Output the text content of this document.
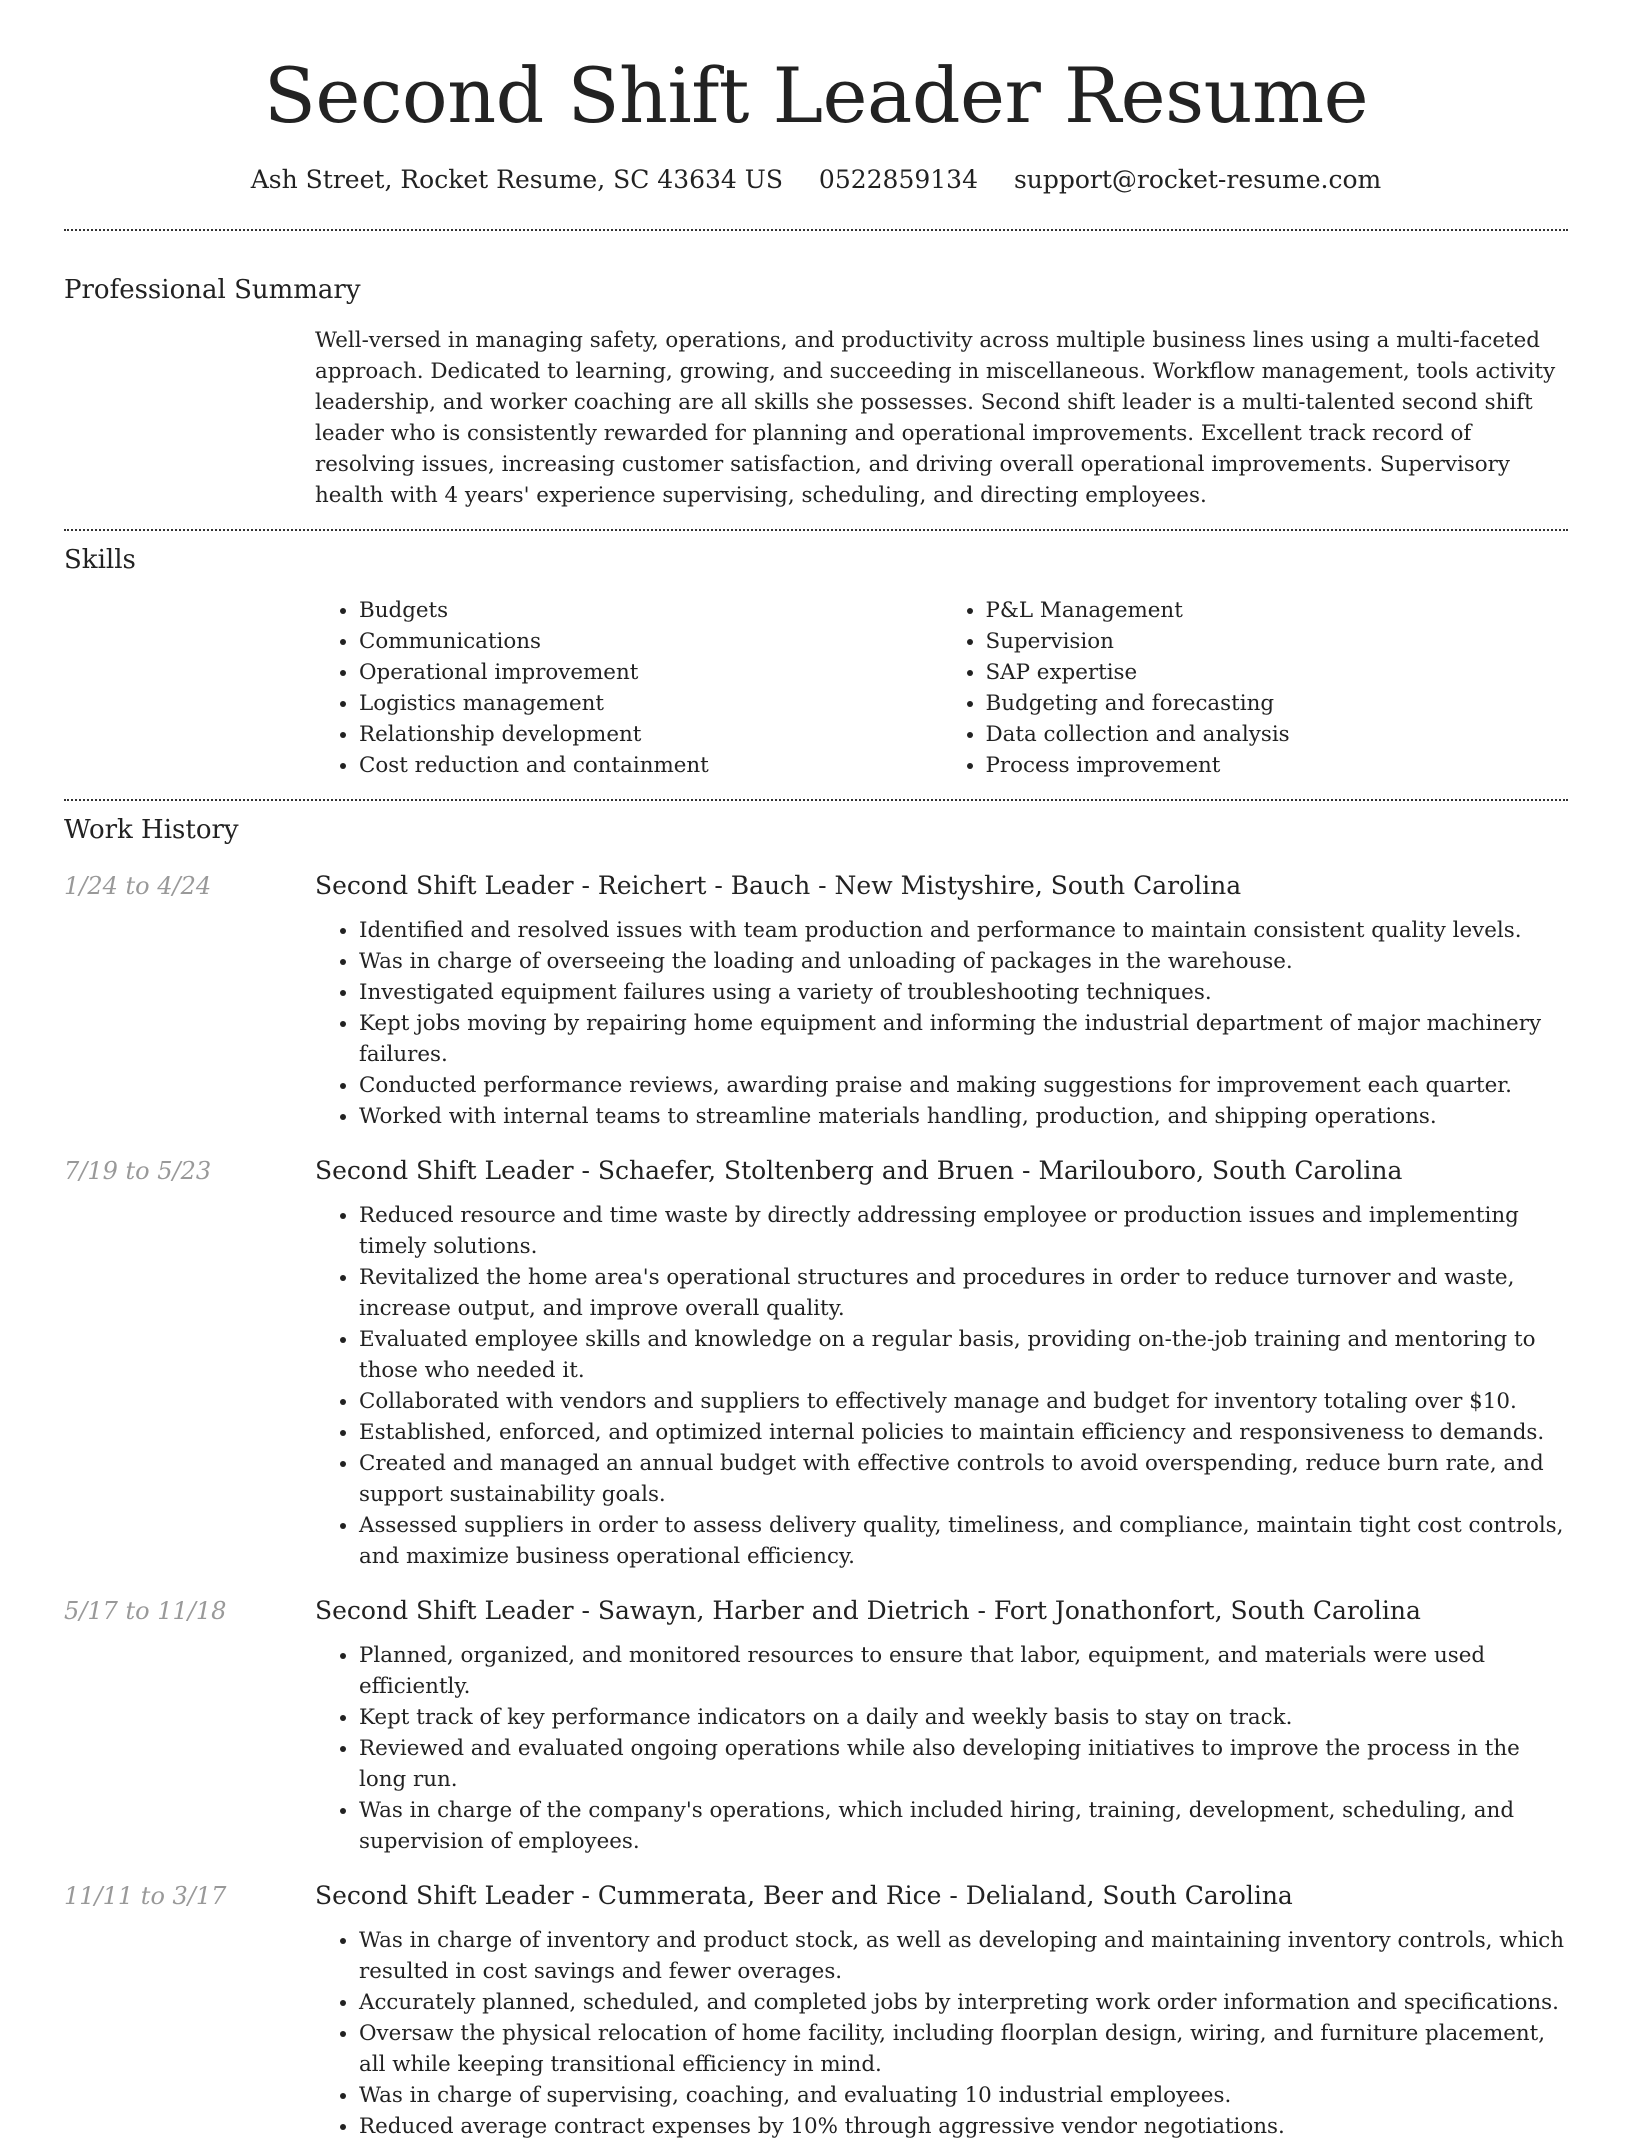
Second Shift Leader Resume
Ash Street, Rocket Resume, SC 43634 US 0522859134 support@rocket-resume.com
Professional Summary
Well-versed in managing safety, operations, and productivity across multiple business lines using a multi-faceted approach. Dedicated to learning, growing, and succeeding in miscellaneous. Workflow management, tools activity leadership, and worker coaching are all skills she possesses. Second shift leader is a multi-talented second shift leader who is consistently rewarded for planning and operational improvements. Excellent track record of resolving issues, increasing customer satisfaction, and driving overall operational improvements. Supervisory health with 4 years' experience supervising, scheduling, and directing employees.
Skills
• Budgets
• Communications
• Operational improvement
• Logistics management
• Relationship development
• Cost reduction and containment
• P&L Management
• Supervision
• SAP expertise
• Budgeting and forecasting
• Data collection and analysis
• Process improvement
Work History
1/24 to 4/24	Second Shift Leader - Reichert - Bauch - New Mistyshire, South Carolina
• Identified and resolved issues with team production and performance to maintain consistent quality levels.
• Was in charge of overseeing the loading and unloading of packages in the warehouse.
• Investigated equipment failures using a variety of troubleshooting techniques.
• Kept jobs moving by repairing home equipment and informing the industrial department of major machinery failures.
• Conducted performance reviews, awarding praise and making suggestions for improvement each quarter.
• Worked with internal teams to streamline materials handling, production, and shipping operations.
7/19 to 5/23	Second Shift Leader - Schaefer, Stoltenberg and Bruen - Marilouboro, South Carolina
• Reduced resource and time waste by directly addressing employee or production issues and implementing timely solutions.
• Revitalized the home area's operational structures and procedures in order to reduce turnover and waste, increase output, and improve overall quality.
• Evaluated employee skills and knowledge on a regular basis, providing on-the-job training and mentoring to those who needed it.
• Collaborated with vendors and suppliers to effectively manage and budget for inventory totaling over $10.
• Established, enforced, and optimized internal policies to maintain efficiency and responsiveness to demands.
• Created and managed an annual budget with effective controls to avoid overspending, reduce burn rate, and support sustainability goals.
• Assessed suppliers in order to assess delivery quality, timeliness, and compliance, maintain tight cost controls, and maximize business operational efficiency.
5/17 to 11/18	Second Shift Leader - Sawayn, Harber and Dietrich - Fort Jonathonfort, South Carolina
• Planned, organized, and monitored resources to ensure that labor, equipment, and materials were used efficiently.
• Kept track of key performance indicators on a daily and weekly basis to stay on track.
• Reviewed and evaluated ongoing operations while also developing initiatives to improve the process in the long run.
• Was in charge of the company's operations, which included hiring, training, development, scheduling, and supervision of employees.
11/11 to 3/17	Second Shift Leader - Cummerata, Beer and Rice - Delialand, South Carolina
• Was in charge of inventory and product stock, as well as developing and maintaining inventory controls, which resulted in cost savings and fewer overages.
• Accurately planned, scheduled, and completed jobs by interpreting work order information and specifications.
• Oversaw the physical relocation of home facility, including floorplan design, wiring, and furniture placement, all while keeping transitional efficiency in mind.
• Was in charge of supervising, coaching, and evaluating 10 industrial employees.
• Reduced average contract expenses by 10% through aggressive vendor negotiations.
